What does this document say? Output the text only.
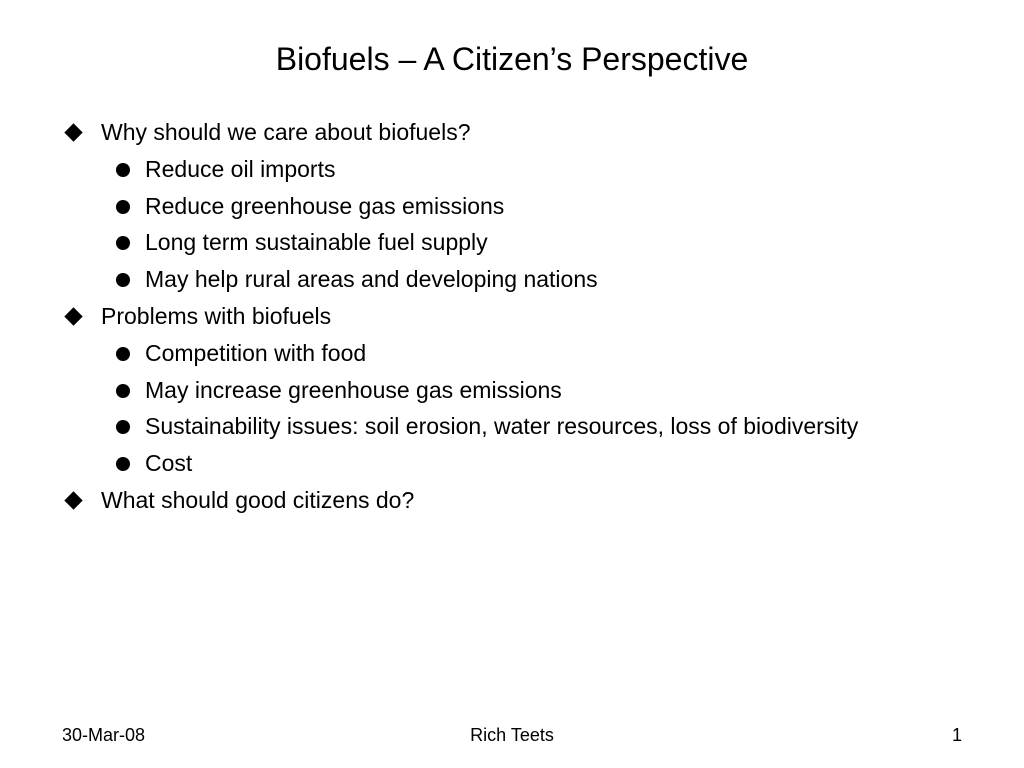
Biofuels – A Citizen’s Perspective
Why should we care about biofuels?
Reduce oil imports
Reduce greenhouse gas emissions
Long term sustainable fuel supply
May help rural areas and developing nations
Problems with biofuels
Competition with food
May increase greenhouse gas emissions
Sustainability issues: soil erosion, water resources, loss of biodiversity
Cost
What should good citizens do?
30-Mar-08	Rich Teets	1
